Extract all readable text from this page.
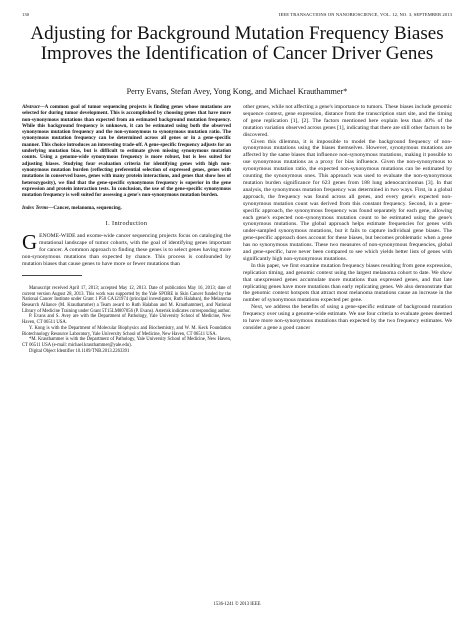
130	IEEE TRANSACTIONS ON NANOBIOSCIENCE, VOL. 12, NO. 3, SEPTEMBER 2013
Adjusting for Background Mutation Frequency Biases Improves the Identification of Cancer Driver Genes
Perry Evans, Stefan Avey, Yong Kong, and Michael Krauthammer*

Abstract—A common goal of tumor sequencing projects is finding genes whose mutations are selected for during tumor development. This is accomplished by choosing genes that have more non-synonymous mutations than expected from an estimated background mutation frequency. While this background frequency is unknown, it can be estimated using both the observed synonymous mutation frequency and the non-synonymous to synonymous mutation ratio. The synonymous mutation frequency can be determined across all genes or in a gene-specific manner. This choice introduces an interesting trade-off. A gene-specific frequency adjusts for an underlying mutation bias, but is difficult to estimate given missing synonymous mutation counts. Using a genome-wide synonymous frequency is more robust, but is less suited for adjusting biases. Studying four evaluation criteria for identifying genes with high non-synonymous mutation burden (reflecting preferential selection of expressed genes, genes with mutations in conserved bases, genes with many protein interactions, and genes that show loss of heterozygosity), we find that the gene-specific synonymous frequency is superior in the gene expression and protein interaction tests. In conclusion, the use of the gene-specific synonymous mutation frequency is well suited for assessing a gene's non-synonymous mutation burden.

Index Terms—Cancer, melanoma, sequencing.

I. Introduction

GENOME-WIDE and exome-wide cancer sequencing projects focus on cataloging the mutational landscape of tumor cohorts, with the goal of identifying genes important for cancer. A common approach to finding these genes is to select genes having more non-synonymous mutations than expected by chance. This process is confounded by mutation biases that cause genes to have more or fewer mutations than

Manuscript received April 17, 2013; accepted May 12, 2013. Date of publication May 16, 2013; date of current version August 28, 2013. This work was supported by the Yale SPORE in Skin Cancer funded by the National Cancer Institute under Grant 1 P50 CA121974 (principal investigator, Ruth Halaban), the Melanoma Research Alliance (M. Krauthammer) a Team award to Ruth Halaban and M. Krauthammer), and National Library of Medicine Training under Grant 5T15LM007056 (P. Evans). Asterisk indicates corresponding author.

P. Evans and S. Avey are with the Department of Pathology, Yale University School of Medicine, New Haven, CT 06511 USA.

Y. Kong is with the Department of Molecular Biophysics and Biochemistry, and W. M. Keck Foundation Biotechnology Resource Laboratory, Yale University School of Medicine, New Haven, CT 06511 USA.

*M. Krauthammer is with the Department of Pathology, Yale University School of Medicine, New Haven, CT 06511 USA (e-mail: michael.krauthammer@yale.edu).

Digital Object Identifier 10.1109/TNB.2013.2263391

other genes, while not affecting a gene's importance to tumors. These biases include genomic sequence context, gene expression, distance from the transcription start site, and the timing of gene replication [1], [2]. The factors mentioned here explain less than 40% of the mutation variation observed across genes [1], indicating that there are still other factors to be discovered.

Given this dilemma, it is impossible to model the background frequency of non-synonymous mutations using the biases themselves. However, synonymous mutations are affected by the same biases that influence non-synonymous mutations, making it possible to use synonymous mutations as a proxy for bias influence. Given the non-synonymous to synonymous mutation ratio, the expected non-synonymous mutations can be estimated by counting the synonymous ones. This approach was used to evaluate the non-synonymous mutation burden significance for 623 genes from 188 lung adenocarcinomas [3]. In that analysis, the synonymous mutation frequency was determined in two ways. First, in a global approach, the frequency was found across all genes, and every gene's expected non-synonymous mutation count was derived from this constant frequency. Second, in a gene-specific approach, the synonymous frequency was found separately for each gene, allowing each gene's expected non-synonymous mutation count to be estimated using the gene's synonymous mutations. The global approach helps estimate frequencies for genes with under-sampled synonymous mutations, but it fails to capture individual gene biases. The gene-specific approach does account for these biases, but becomes problematic when a gene has no synonymous mutations. These two measures of non-synonymous frequencies, global and gene-specific, have never been compared to see which yields better lists of genes with significantly high non-synonymous mutations.

In this paper, we first examine mutation frequency biases resulting from gene expression, replication timing, and genomic context using the largest melanoma cohort to date. We show that unexpressed genes accumulate more mutations than expressed genes, and that late replicating genes have more mutations than early replicating genes. We also demonstrate that the genomic context hotspots that attract most melanoma mutations cause an increase in the number of synonymous mutations expected per gene.

Next, we address the benefits of using a gene-specific estimate of background mutation frequency over using a genome-wide estimate. We use four criteria to evaluate genes deemed to have more non-synonymous mutations than expected by the two frequency estimates. We consider a gene a good cancer

1536-1241 © 2013 IEEE
